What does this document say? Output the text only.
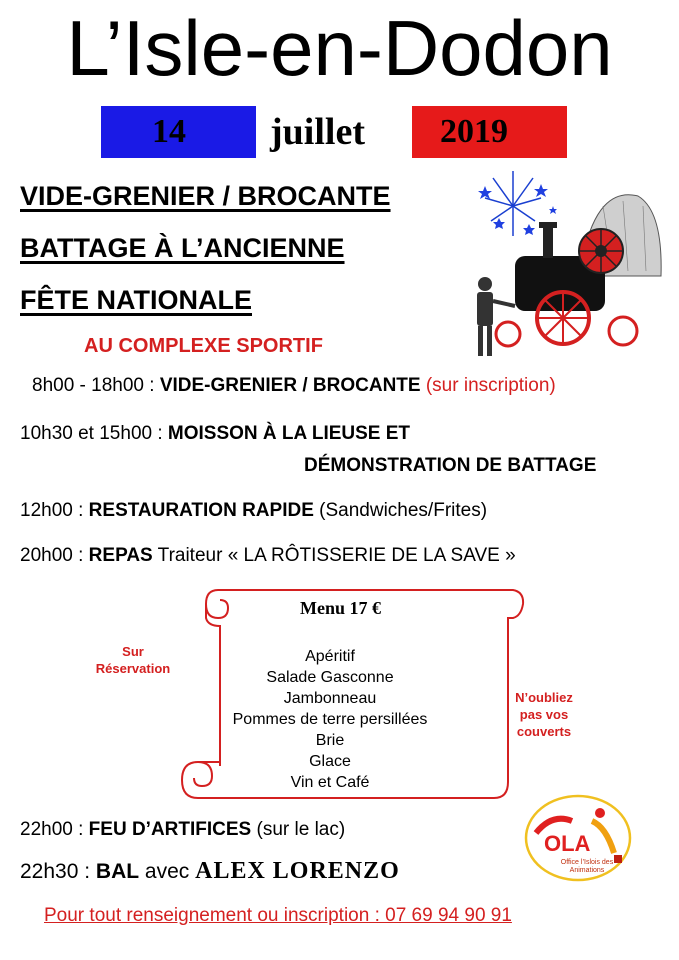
L’Isle-en-Dodon
14 juillet 2019
VIDE-GRENIER / BROCANTE
BATTAGE À L’ANCIENNE
FÊTE NATIONALE
AU COMPLEXE SPORTIF
8h00 - 18h00 : VIDE-GRENIER / BROCANTE (sur inscription)
10h30 et 15h00 : MOISSON À LA LIEUSE ET
DÉMONSTRATION DE BATTAGE
12h00 : RESTAURATION RAPIDE (Sandwiches/Frites)
20h00 : REPAS Traiteur « LA RÔTISSERIE DE LA SAVE »
Menu 17 €
Apéritif
Salade Gasconne
Jambonneau
Pommes de terre persillées
Brie
Glace
Vin et Café
Sur
Réservation
N’oubliez
pas vos
couverts
22h00 : FEU D’ARTIFICES (sur le lac)
22h30 : BAL avec ALEX LORENZO
OLA
Office l’Islois des
Animations
Pour tout renseignement ou inscription : 07 69 94 90 91
